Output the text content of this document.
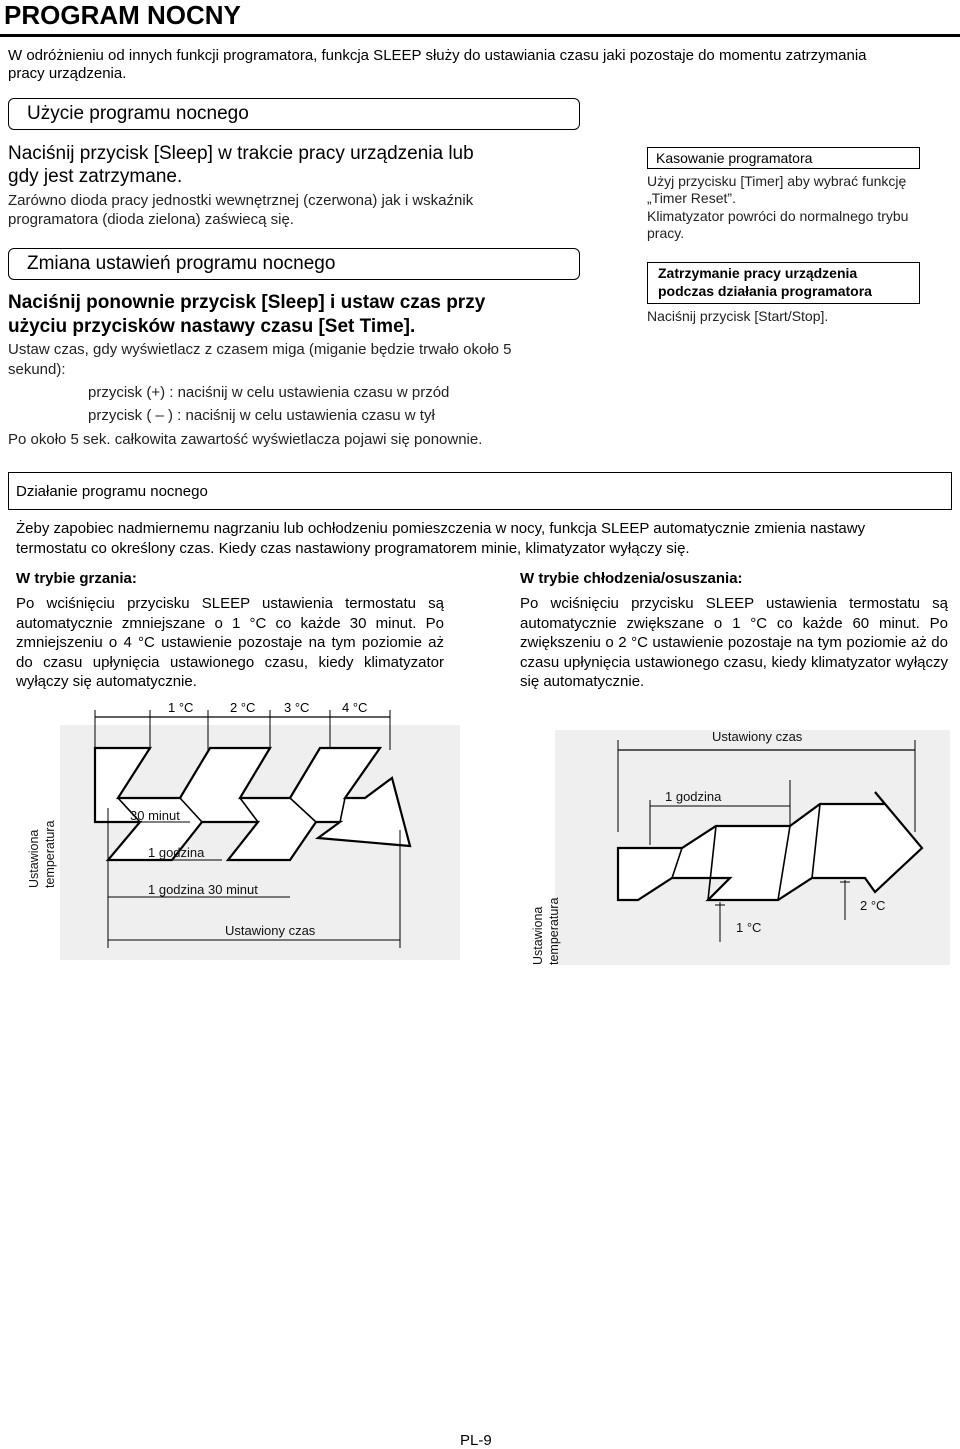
PROGRAM NOCNY
W odróżnieniu od innych funkcji programatora, funkcja SLEEP służy do ustawiania czasu jaki pozostaje do momentu zatrzymania pracy urządzenia.
Użycie programu nocnego
Naciśnij przycisk [Sleep] w trakcie pracy urządzenia lub
gdy jest zatrzymane.
Zarówno dioda pracy jednostki wewnętrznej (czerwona) jak i wskaźnik programatora (dioda zielona) zaświecą się.
Zmiana ustawień programu nocnego
Naciśnij ponownie przycisk [Sleep] i ustaw czas przy
użyciu przycisków nastawy czasu [Set Time].
Ustaw czas, gdy wyświetlacz z czasem miga (miganie będzie trwało około 5 sekund):
przycisk (+) : naciśnij w celu ustawienia czasu w przód
przycisk ( – ) : naciśnij w celu ustawienia czasu w tył
Po około 5 sek. całkowita zawartość wyświetlacza pojawi się ponownie.
Kasowanie programatora
Użyj przycisku [Timer] aby wybrać funkcję „Timer Reset”.
Klimatyzator powróci do normalnego trybu pracy.
Zatrzymanie pracy urządzenia
podczas działania programatora
Naciśnij przycisk [Start/Stop].
Działanie programu nocnego
Żeby zapobiec nadmiernemu nagrzaniu lub ochłodzeniu pomieszczenia w nocy, funkcja SLEEP automatycznie zmienia nastawy termostatu co określony czas. Kiedy czas nastawiony programatorem minie, klimatyzator wyłączy się.
W trybie grzania:
Po wciśnięciu przycisku SLEEP ustawienia termostatu są automatycznie zmniejszane o 1 °C co każde 30 minut. Po zmniejszeniu o 4 °C ustawienie pozostaje na tym poziomie aż do czasu upłynięcia ustawionego czasu, kiedy klimatyzator wyłączy się automatycznie.
W trybie chłodzenia/osuszania:
Po wciśnięciu przycisku SLEEP ustawienia termostatu są automatycznie zwiększane o 1 °C co każde 60 minut. Po zwiększeniu o 2 °C ustawienie pozostaje na tym poziomie aż do czasu upłynięcia ustawionego czasu, kiedy klimatyzator wyłączy się automatycznie.
1 °C	2 °C 3 °C	4 °C
30 minut
1 godzina
1 godzina 30 minut
Ustawiony czas
Ustawiona temperatura
Ustawiony czas
1 godzina
1 °C
2 °C
Ustawiona temperatura
PL-9
